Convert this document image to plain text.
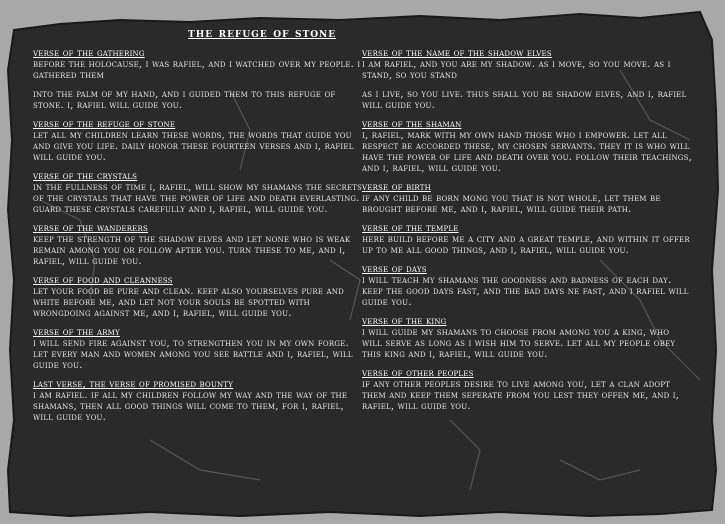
the refuge of stone
verse of the gathering
before the holocause, i was rafiel, and i watched over my people. i gathered them
into the palm of my hand, and i guided them to this refuge of stone. i, rafiel will guide you.
verse of the refuge of stone
let all my children learn these words, the words that guide you and give you life. daily honor these fourteen verses and i, rafiel will guide you.
verse of the crystals
in the fullness of time i, rafiel, will show my shamans the secrets of the crystals that have the power of life and death everlasting. guard these crystals carefully and i, rafiel, will guide you.
verse of the wanderers
keep the strength of the shadow elves and let none who is weak remain among you or follow after you. turn these to me, and i, rafiel, will guide you.
verse of food and cleanness
let your food be pure and clean. keep also yourselves pure and white before me, and let not your souls be spotted with wrongdoing against me, and i, rafiel, will guide you.
verse of the army
i will send fire against you, to strengthen you in my own forge. let every man and women among you see battle and i, rafiel, will guide you.
last verse, the verse of promised bounty
i am rafiel. if all my children follow my way and the way of the shamans, then all good things will come to them, for i, rafiel, will guide you.
verse of the name of the shadow elves
i am rafiel, and you are my shadow. as i move, so you move. as i stand, so you stand
as i live, so you live. thus shall you be shadow elves, and i, rafiel will guide you.
verse of the shaman
i, rafiel, mark with my own hand those who i empower. let all respect be accorded these, my chosen servants. they it is who will have the power of life and death over you. follow their teachings, and i, rafiel, will guide you.
verse of birth
if any child be born mong you that is not whole, let them be brought before me, and i, rafiel, will guide their path.
verse of the temple
here build before me a city and a great temple, and within it offer up to me all good things, and i, rafiel, will guide you.
verse of days
i will teach my shamans the goodness and badness of each day. keep the good days fast, and the bad days ne fast, and i rafiel will guide you.
verse of the king
i will guide my shamans to choose from among you a king, who will serve as long as i wish him to serve. let all my people obey this king and i, rafiel, will guide you.
verse of other peoples
if any other peoples desire to live among you, let a clan adopt them and keep them seperate from you lest they offen me, and i, rafiel, will guide you.
